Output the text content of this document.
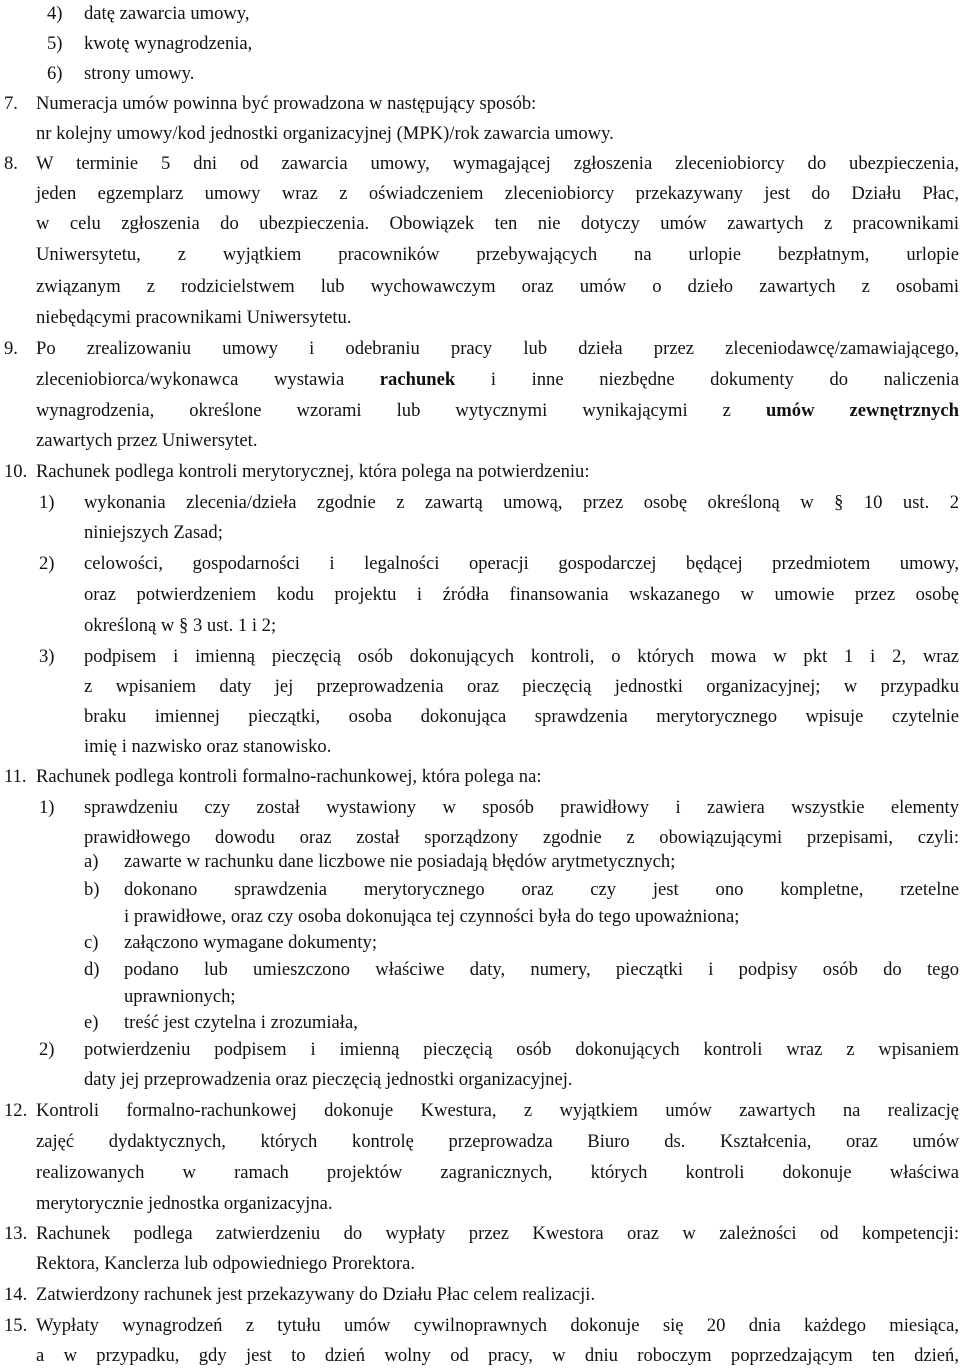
4) datę zawarcia umowy,
5) kwotę wynagrodzenia,
6) strony umowy.
7. Numeracja umów powinna być prowadzona w następujący sposób:
nr kolejny umowy/kod jednostki organizacyjnej (MPK)/rok zawarcia umowy.
8. W terminie 5 dni od zawarcia umowy, wymagającej zgłoszenia zleceniobiorcy do ubezpieczenia,
jeden egzemplarz umowy wraz z oświadczeniem zleceniobiorcy przekazywany jest do Działu Płac,
w celu zgłoszenia do ubezpieczenia. Obowiązek ten nie dotyczy umów zawartych z pracownikami
Uniwersytetu, z wyjątkiem pracowników przebywających na urlopie bezpłatnym, urlopie
związanym z rodzicielstwem lub wychowawczym oraz umów o dzieło zawartych z osobami
niebędącymi pracownikami Uniwersytetu.
9. Po zrealizowaniu umowy i odebraniu pracy lub dzieła przez zleceniodawcę/zamawiającego,
zleceniobiorca/wykonawca wystawia rachunek i inne niezbędne dokumenty do naliczenia
wynagrodzenia, określone wzorami lub wytycznymi wynikającymi z umów zewnętrznych
zawartych przez Uniwersytet.
10. Rachunek podlega kontroli merytorycznej, która polega na potwierdzeniu:
1) wykonania zlecenia/dzieła zgodnie z zawartą umową, przez osobę określoną w § 10 ust. 2
niniejszych Zasad;
2) celowości, gospodarności i legalności operacji gospodarczej będącej przedmiotem umowy,
oraz potwierdzeniem kodu projektu i źródła finansowania wskazanego w umowie przez osobę
określoną w § 3 ust. 1 i 2;
3) podpisem i imienną pieczęcią osób dokonujących kontroli, o których mowa w pkt 1 i 2, wraz
z wpisaniem daty jej przeprowadzenia oraz pieczęcią jednostki organizacyjnej; w przypadku
braku imiennej pieczątki, osoba dokonująca sprawdzenia merytorycznego wpisuje czytelnie
imię i nazwisko oraz stanowisko.
11. Rachunek podlega kontroli formalno-rachunkowej, która polega na:
1) sprawdzeniu czy został wystawiony w sposób prawidłowy i zawiera wszystkie elementy
prawidłowego dowodu oraz został sporządzony zgodnie z obowiązującymi przepisami, czyli:
a) zawarte w rachunku dane liczbowe nie posiadają błędów arytmetycznych;
b) dokonano sprawdzenia merytorycznego oraz czy jest ono kompletne, rzetelne
i prawidłowe, oraz czy osoba dokonująca tej czynności była do tego upoważniona;
c) załączono wymagane dokumenty;
d) podano lub umieszczono właściwe daty, numery, pieczątki i podpisy osób do tego
uprawnionych;
e) treść jest czytelna i zrozumiała,
2) potwierdzeniu podpisem i imienną pieczęcią osób dokonujących kontroli wraz z wpisaniem
daty jej przeprowadzenia oraz pieczęcią jednostki organizacyjnej.
12. Kontroli formalno-rachunkowej dokonuje Kwestura, z wyjątkiem umów zawartych na realizację
zajęć dydaktycznych, których kontrolę przeprowadza Biuro ds. Kształcenia, oraz umów
realizowanych w ramach projektów zagranicznych, których kontroli dokonuje właściwa
merytorycznie jednostka organizacyjna.
13. Rachunek podlega zatwierdzeniu do wypłaty przez Kwestora oraz w zależności od kompetencji:
Rektora, Kanclerza lub odpowiedniego Prorektora.
14. Zatwierdzony rachunek jest przekazywany do Działu Płac celem realizacji.
15. Wypłaty wynagrodzeń z tytułu umów cywilnoprawnych dokonuje się 20 dnia każdego miesiąca,
a w przypadku, gdy jest to dzień wolny od pracy, w dniu roboczym poprzedzającym ten dzień,
